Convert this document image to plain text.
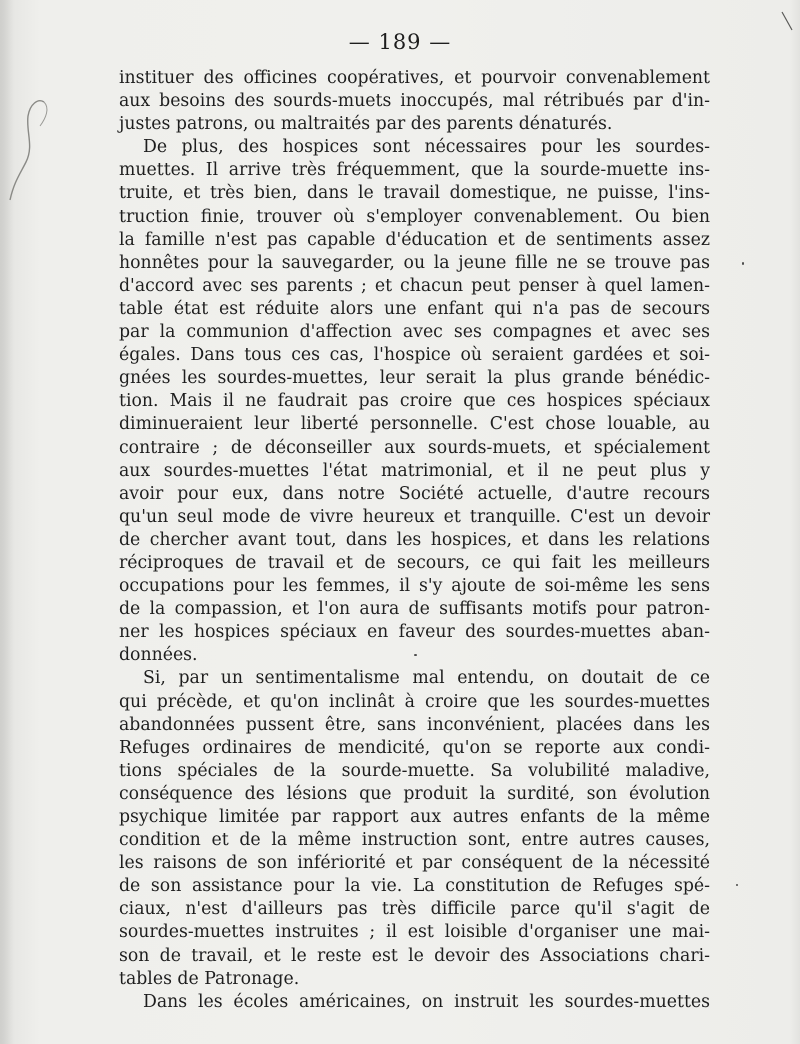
— 189 —
instituer des officines coopératives, et pourvoir convenablement
aux besoins des sourds-muets inoccupés, mal rétribués par d'in-
justes patrons, ou maltraités par des parents dénaturés.
De plus, des hospices sont nécessaires pour les sourdes-
muettes. Il arrive très fréquemment, que la sourde-muette ins-
truite, et très bien, dans le travail domestique, ne puisse, l'ins-
truction finie, trouver où s'employer convenablement. Ou bien
la famille n'est pas capable d'éducation et de sentiments assez
honnêtes pour la sauvegarder, ou la jeune fille ne se trouve pas
d'accord avec ses parents ; et chacun peut penser à quel lamen-
table état est réduite alors une enfant qui n'a pas de secours
par la communion d'affection avec ses compagnes et avec ses
égales. Dans tous ces cas, l'hospice où seraient gardées et soi-
gnées les sourdes-muettes, leur serait la plus grande bénédic-
tion. Mais il ne faudrait pas croire que ces hospices spéciaux
diminueraient leur liberté personnelle. C'est chose louable, au
contraire ; de déconseiller aux sourds-muets, et spécialement
aux sourdes-muettes l'état matrimonial, et il ne peut plus y
avoir pour eux, dans notre Société actuelle, d'autre recours
qu'un seul mode de vivre heureux et tranquille. C'est un devoir
de chercher avant tout, dans les hospices, et dans les relations
réciproques de travail et de secours, ce qui fait les meilleurs
occupations pour les femmes, il s'y ajoute de soi-même les sens
de la compassion, et l'on aura de suffisants motifs pour patron-
ner les hospices spéciaux en faveur des sourdes-muettes aban-
données.
Si, par un sentimentalisme mal entendu, on doutait de ce
qui précède, et qu'on inclinât à croire que les sourdes-muettes
abandonnées pussent être, sans inconvénient, placées dans les
Refuges ordinaires de mendicité, qu'on se reporte aux condi-
tions spéciales de la sourde-muette. Sa volubilité maladive,
conséquence des lésions que produit la surdité, son évolution
psychique limitée par rapport aux autres enfants de la même
condition et de la même instruction sont, entre autres causes,
les raisons de son infériorité et par conséquent de la nécessité
de son assistance pour la vie. La constitution de Refuges spé-
ciaux, n'est d'ailleurs pas très difficile parce qu'il s'agit de
sourdes-muettes instruites ; il est loisible d'organiser une mai-
son de travail, et le reste est le devoir des Associations chari-
tables de Patronage.
Dans les écoles américaines, on instruit les sourdes-muettes
